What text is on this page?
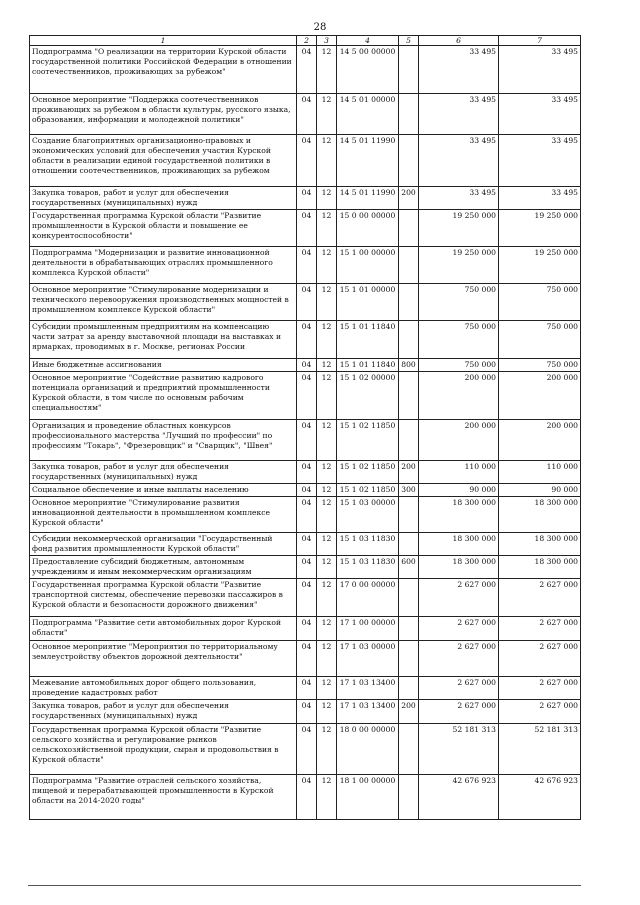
28
1	2	3	4	5	6	7
Подпрограмма "О реализации на территории Курской области государственной политики Российской Федерации в отношении соотечественников, проживающих за рубежом"	04	12	14 5 00 00000		33 495	33 495
Основное мероприятие "Поддержка соотечественников проживающих за рубежом в области культуры, русского языка, образования, информации и молодежной политики"	04	12	14 5 01 00000		33 495	33 495
Создание благоприятных организационно-правовых и экономических условий для обеспечения участия Курской области в реализации единой государственной политики в отношении соотечественников, проживающих за рубежом	04	12	14 5 01 11990		33 495	33 495
Закупка товаров, работ и услуг для обеспечения государственных (муниципальных) нужд	04	12	14 5 01 11990	200	33 495	33 495
Государственная программа Курской области "Развитие промышленности в Курской области и повышение ее конкурентоспособности"	04	12	15 0 00 00000		19 250 000	19 250 000
Подпрограмма "Модернизация и развитие инновационной деятельности в обрабатывающих отраслях промышленного комплекса Курской области"	04	12	15 1 00 00000		19 250 000	19 250 000
Основное мероприятие "Стимулирование модернизации и технического перевооружения производственных мощностей в промышленном комплексе Курской области"	04	12	15 1 01 00000		750 000	750 000
Субсидии промышленным предприятиям на компенсацию части затрат за аренду выставочной площади на выставках и ярмарках, проводимых в г. Москве, регионах России	04	12	15 1 01 11840		750 000	750 000
Иные бюджетные ассигнования	04	12	15 1 01 11840	800	750 000	750 000
Основное мероприятие "Содействие развитию кадрового потенциала организаций и предприятий промышленности Курской области, в том числе по основным рабочим специальностям"	04	12	15 1 02 00000		200 000	200 000
Организация и проведение областных конкурсов профессионального мастерства "Лучший по профессии" по профессиям "Токарь", "Фрезеровщик" и "Сварщик", "Швея"	04	12	15 1 02 11850		200 000	200 000
Закупка товаров, работ и услуг для обеспечения государственных (муниципальных) нужд	04	12	15 1 02 11850	200	110 000	110 000
Социальное обеспечение и иные выплаты населению	04	12	15 1 02 11850	300	90 000	90 000
Основное мероприятие "Стимулирование развития инновационной деятельности в промышленном комплексе Курской области"	04	12	15 1 03 00000		18 300 000	18 300 000
Субсидии некоммерческой организации "Государственный фонд развития промышленности Курской области"	04	12	15 1 03 11830		18 300 000	18 300 000
Предоставление субсидий бюджетным, автономным учреждениям и иным некоммерческим организациям	04	12	15 1 03 11830	600	18 300 000	18 300 000
Государственная программа Курской области "Развитие транспортной системы, обеспечение перевозки пассажиров в Курской области и безопасности дорожного движения"	04	12	17 0 00 00000		2 627 000	2 627 000
Подпрограмма "Развитие сети автомобильных дорог Курской области"	04	12	17 1 00 00000		2 627 000	2 627 000
Основное мероприятие "Мероприятия по территориальному землеустройству объектов дорожной деятельности"	04	12	17 1 03 00000		2 627 000	2 627 000
Межевание автомобильных дорог общего пользования, проведение кадастровых работ	04	12	17 1 03 13400		2 627 000	2 627 000
Закупка товаров, работ и услуг для обеспечения государственных (муниципальных) нужд	04	12	17 1 03 13400	200	2 627 000	2 627 000
Государственная программа Курской области "Развитие сельского хозяйства и регулирование рынков сельскохозяйственной продукции, сырья и продовольствия в Курской области"	04	12	18 0 00 00000		52 181 313	52 181 313
Подпрограмма "Развитие отраслей сельского хозяйства, пищевой и перерабатывающей промышленности в Курской области на 2014-2020 годы"	04	12	18 1 00 00000		42 676 923	42 676 923
